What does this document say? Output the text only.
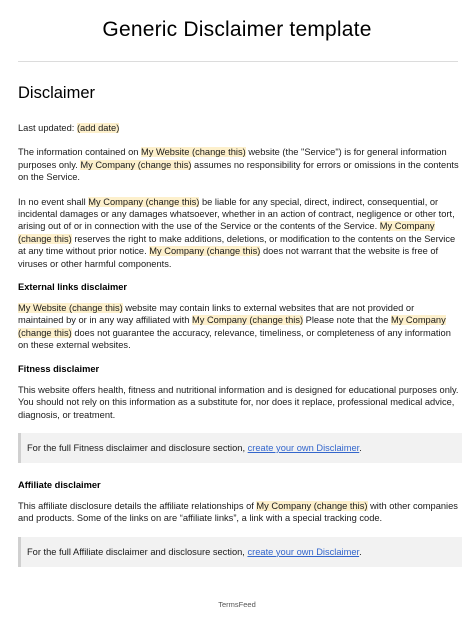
Generic Disclaimer template
Disclaimer

Last updated: (add date)

The information contained on My Website (change this) website (the "Service") is for general information purposes only. My Company (change this) assumes no responsibility for errors or omissions in the contents on the Service.

In no event shall My Company (change this) be liable for any special, direct, indirect, consequential, or incidental damages or any damages whatsoever, whether in an action of contract, negligence or other tort, arising out of or in connection with the use of the Service or the contents of the Service. My Company (change this) reserves the right to make additions, deletions, or modification to the contents on the Service at any time without prior notice. My Company (change this) does not warrant that the website is free of viruses or other harmful components.

External links disclaimer

My Website (change this) website may contain links to external websites that are not provided or maintained by or in any way affiliated with My Company (change this) Please note that the My Company (change this) does not guarantee the accuracy, relevance, timeliness, or completeness of any information on these external websites.

Fitness disclaimer

This website offers health, fitness and nutritional information and is designed for educational purposes only. You should not rely on this information as a substitute for, nor does it replace, professional medical advice, diagnosis, or treatment.

For the full Fitness disclaimer and disclosure section, create your own Disclaimer.
Affiliate disclaimer

This affiliate disclosure details the affiliate relationships of My Company (change this) with other companies and products. Some of the links on are “affiliate links”, a link with a special tracking code.

For the full Affiliate disclaimer and disclosure section, create your own Disclaimer.
TermsFeed
